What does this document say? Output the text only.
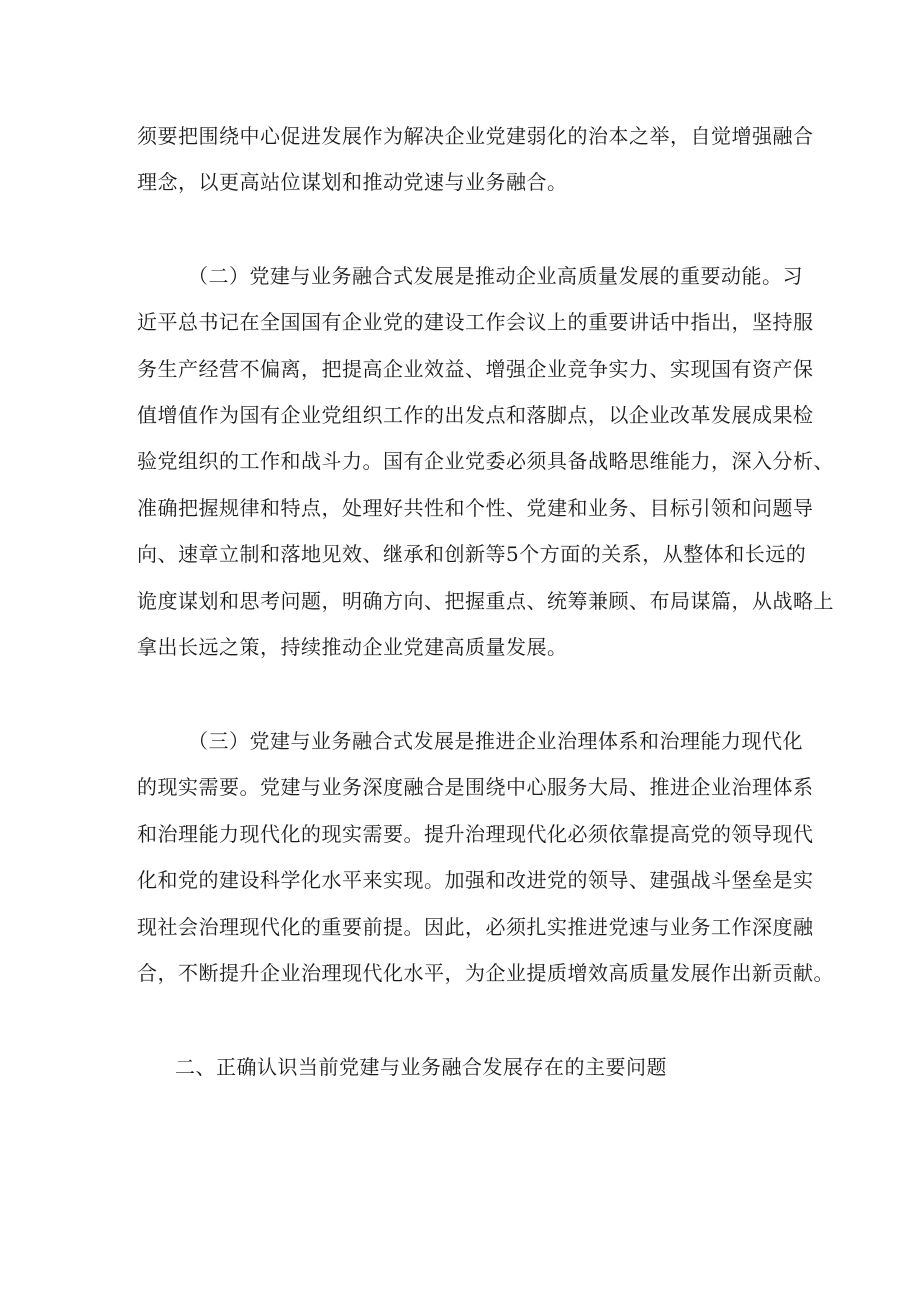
须要把围绕中心促进发展作为解决企业党建弱化的治本之举，自觉增强融合
理念，以更高站位谋划和推动党速与业务融合。
（二）党建与业务融合式发展是推动企业高质量发展的重要动能。习
近平总书记在全国国有企业党的建设工作会议上的重要讲话中指出，坚持服
务生产经营不偏离，把提高企业效益、增强企业竞争实力、实现国有资产保
值增值作为国有企业党组织工作的出发点和落脚点，以企业改革发展成果检
验党组织的工作和战斗力。国有企业党委必须具备战略思维能力，深入分析、
准确把握规律和特点，处理好共性和个性、党建和业务、目标引领和问题导
向、速章立制和落地见效、继承和创新等5个方面的关系，从整体和长远的
诡度谋划和思考问题，明确方向、把握重点、统筹兼顾、布局谋篇，从战略上
拿出长远之策，持续推动企业党建高质量发展。
（三）党建与业务融合式发展是推进企业治理体系和治理能力现代化
的现实需要。党建与业务深度融合是围绕中心服务大局、推进企业治理体系
和治理能力现代化的现实需要。提升治理现代化必须依靠提高党的领导现代
化和党的建设科学化水平来实现。加强和改进党的领导、建强战斗堡垒是实
现社会治理现代化的重要前提。因此，必须扎实推进党速与业务工作深度融
合，不断提升企业治理现代化水平，为企业提质增效高质量发展作出新贡献。
二、正确认识当前党建与业务融合发展存在的主要问题
